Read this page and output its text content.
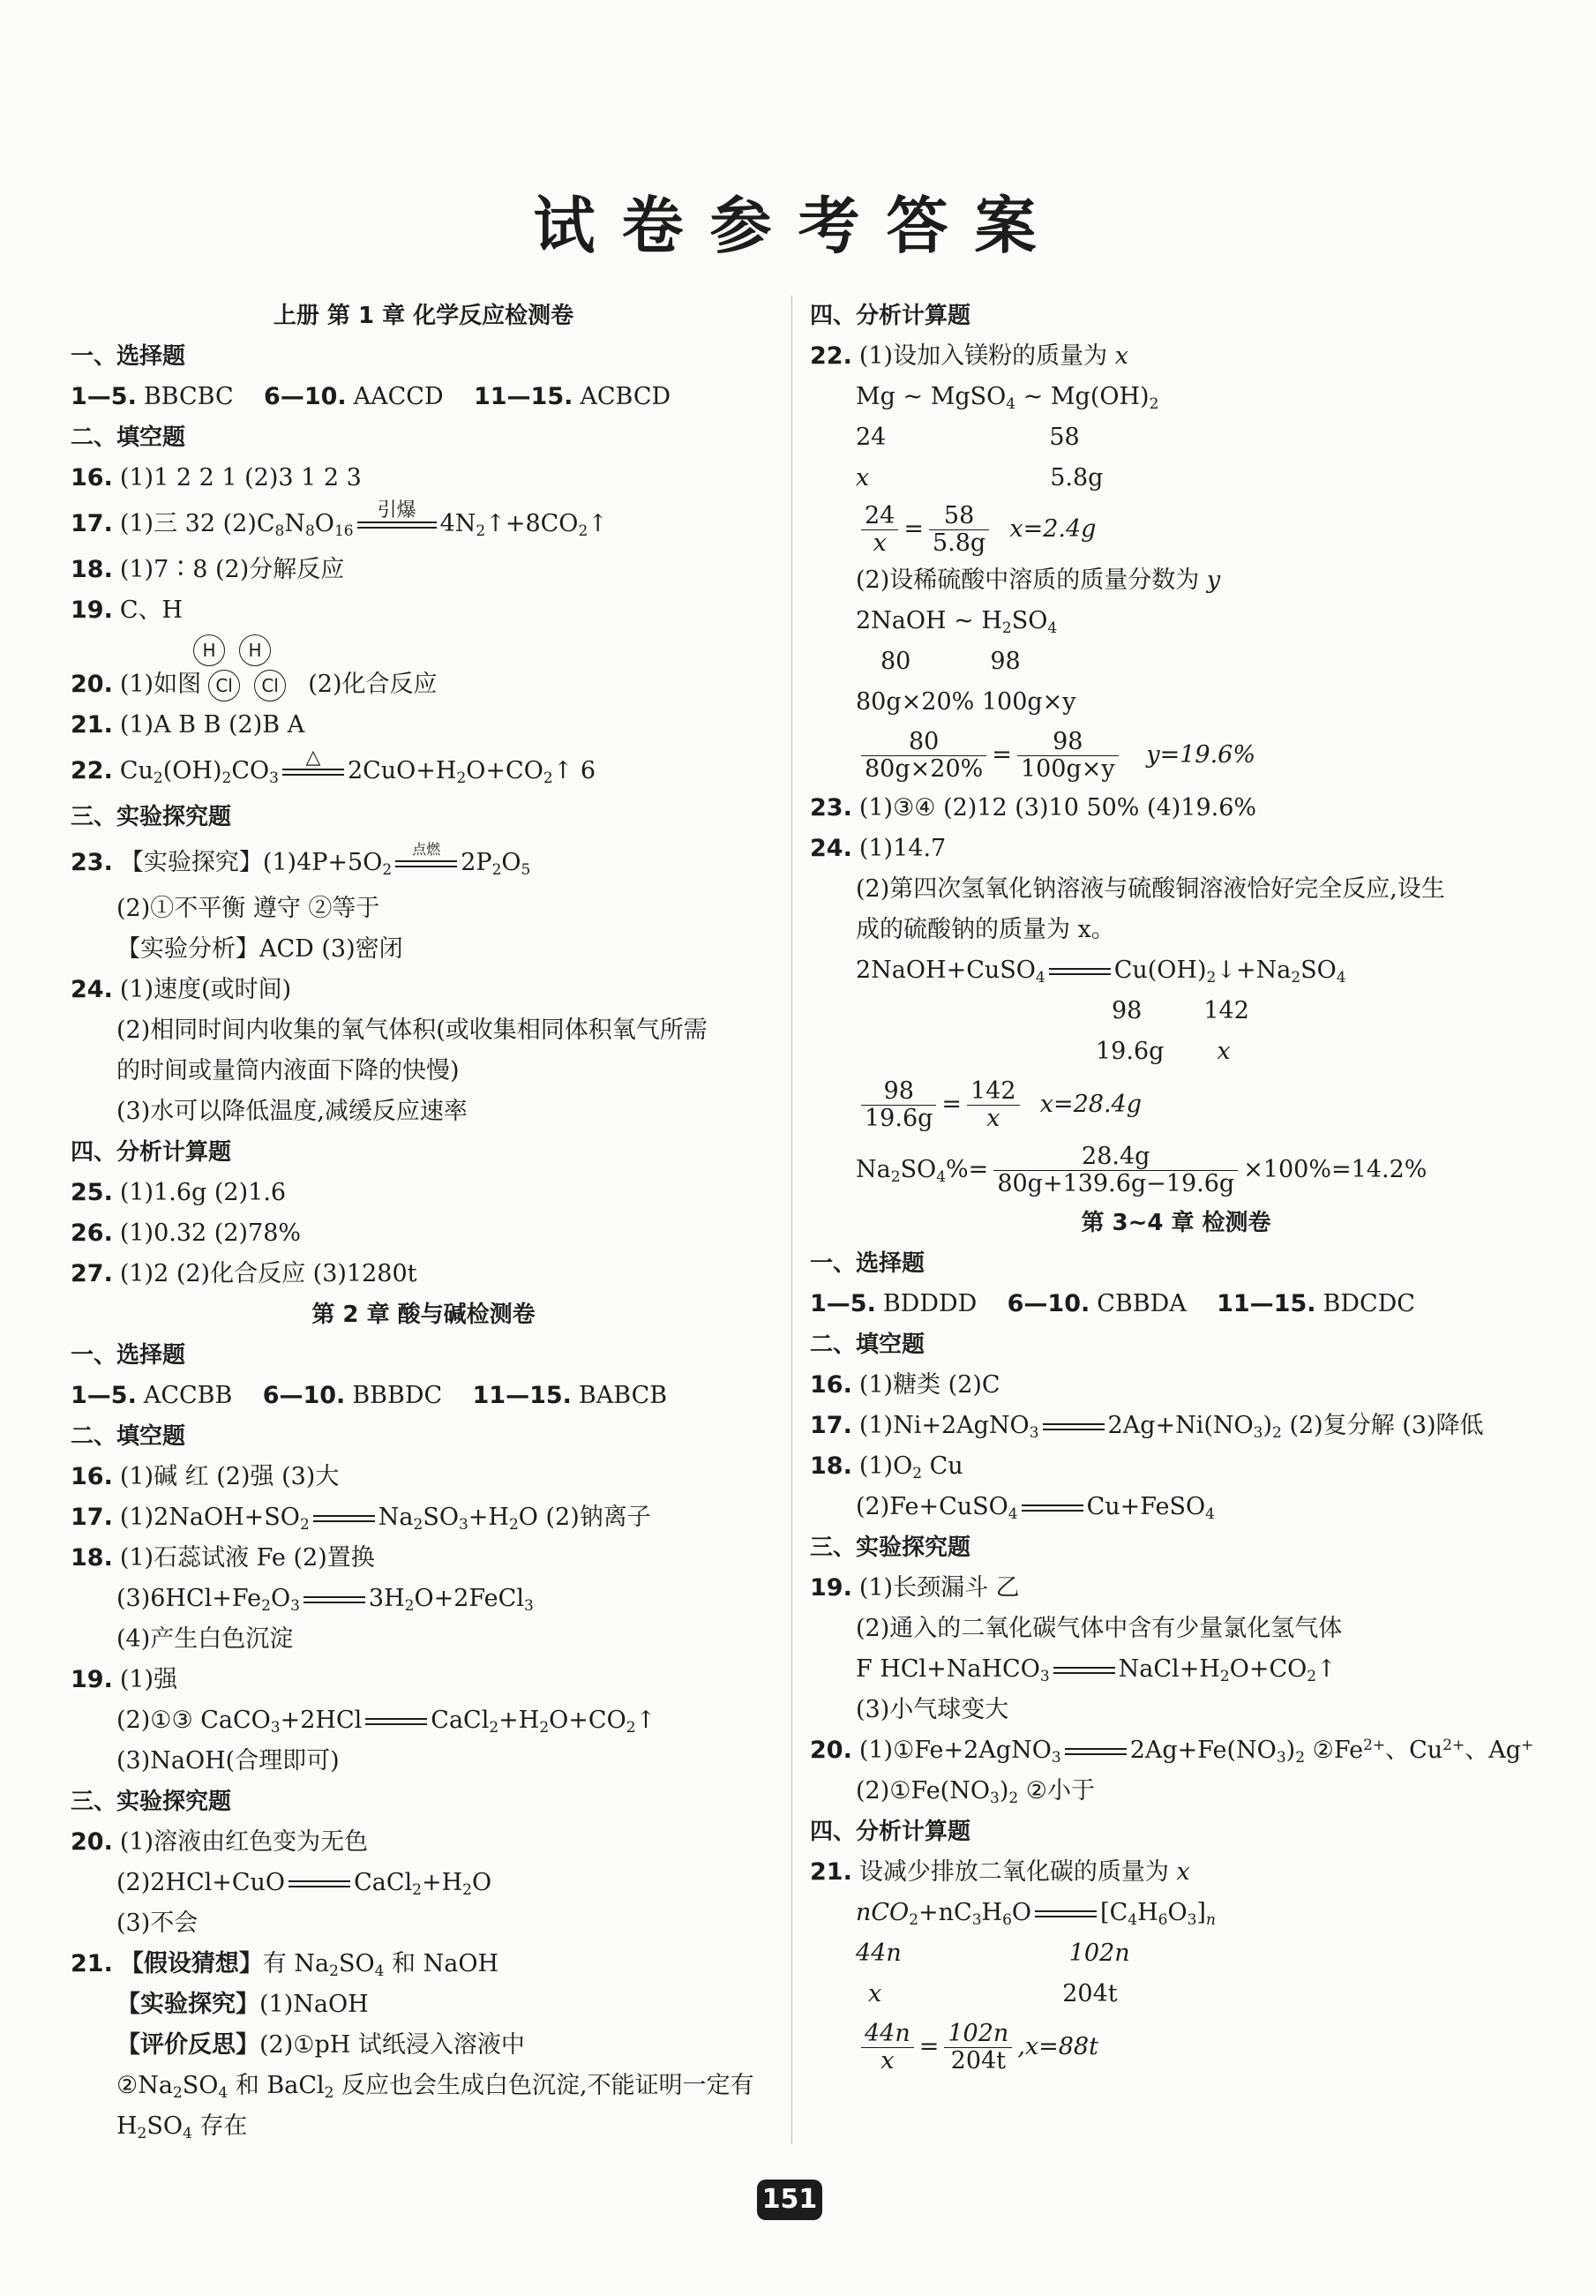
试卷参考答案
上册 第 1 章 化学反应检测卷
一、选择题
1—5. BBCBC 6—10. AACCD 11—15. ACBCD
二、填空题
16. (1)1 2 2 1 (2)3 1 2 3
17. (1)三 32 $(2)C_8N_8O_{16}$
引爆
	$4N_2↑+8CO_2↑$
18. (1)7∶8 (2)分解反应
19. C、H
H H
20. (1)如图 Cl Cl (2)化合反应
21. (1)A B B (2)B A
22. $Cu_2(OH)_2CO_3$
△
	$2CuO+H_2O+CO_2↑$ 6
三、实验探究题
23. 【实验探究】$(1)4P+5O_2$
点燃
$2P_2O_5$
(2)①不平衡 遵守 ②等于
【实验分析】ACD (3)密闭
24. (1)速度(或时间)
(2)相同时间内收集的氧气体积(或收集相同体积氧气所需
的时间或量筒内液面下降的快慢)
(3)水可以降低温度,减缓反应速率
四、分析计算题
25. (1)1.6g (2)1.6
26. (1)0.32 (2)78%
27. (1)2 (2)化合反应 (3)1280t
第 2 章 酸与碱检测卷
一、选择题
1—5. ACCBB 6—10. BBBDC 11—15. BABCB
二、填空题
16. (1)碱 红 (2)强 (3)大
17. $(1)2NaOH+SO_2$	$Na_2SO_3+H_2O$ (2)钠离子
18. (1)石蕊试液 Fe (2)置换
$(3)6HCl+Fe_2O_3$	$3H_2O+2FeCl_3$
(4)产生白色沉淀
19. (1)强
(2)①③ CaCO$_3$+2HCl	$CaCl_2+H_2O+CO_2↑$
(3)NaOH(合理即可)
三、实验探究题
20. (1)溶液由红色变为无色
(2)2HCl+CuO	$CaCl_2+H_2O$
(3)不会
21. 【假设猜想】有 $Na_2SO_4$ 和 NaOH
【实验探究】(1)NaOH
【评价反思】(2)①pH 试纸浸入溶液中
$②Na_2SO_4$ 和 BaCl$_2$ 反应也会生成白色沉淀,不能证明一定有
$H_2SO_4$ 存在
四、分析计算题
22. (1)设加入镁粉的质量为 x
Mg ~ MgSO$_4$ ~ $Mg(OH)_2$
24	58
x	5.8g
$\frac{24}{x} = \frac{58}{5.8g} x=2.4g$
(2)设稀硫酸中溶质的质量分数为 y
2NaOH ~ $H_2SO_4$
80	98
80g×20% 100g×y
$\frac{80}{80g\times 20\%} = \frac{98}{100g\times y} y=19.6\%$
23. (1)③④ (2)12 (3)10 50% (4)19.6%
24. (1)14.7
(2)第四次氢氧化钠溶液与硫酸铜溶液恰好完全反应,设生
成的硫酸钠的质量为 x。
2NaOH+CuSO$_4$	$Cu(OH)_2↓+Na_2SO_4$
98	142
19.6g x
$\frac{98}{19.6g} = \frac{142}{x} x=28.4g$
$Na_2SO_4\%= \frac{28.4g}{80g+139.6g-19.6g} \times 100\%=14.2\%$
第 3~4 章 检测卷
一、选择题
1—5. BDDDD 6—10. CBBDA 11—15. BDCDC
二、填空题
16. (1)糖类 (2)C
17. (1)Ni+2AgNO$_3$	$2Ag+Ni(NO_3)_2$ (2)复分解 (3)降低
18. $(1)O_2$ Cu
(2)Fe+CuSO$_4$	Cu+FeSO$_4$
三、实验探究题
19. (1)长颈漏斗 乙
(2)通入的二氧化碳气体中含有少量氯化氢气体
F HCl+NaHCO$_3$	$NaCl+H_2O+CO_2↑$
(3)小气球变大
20. (1)①Fe+2AgNO$_3$	$2Ag+Fe(NO_3)_2$ $②Fe^{2+}$、$Cu^{2+}$、Ag+
$(2)①Fe(NO_3)_2$ ②小于
四、分析计算题
21. 设减少排放二氧化碳的质量为 x
$nCO_2+nC_3H_6O$	$[C_4H_6O_3]_n$
44n	102n
x	204t
$\frac{44n}{x} = \frac{102n}{204t} ,x=88t$
151
